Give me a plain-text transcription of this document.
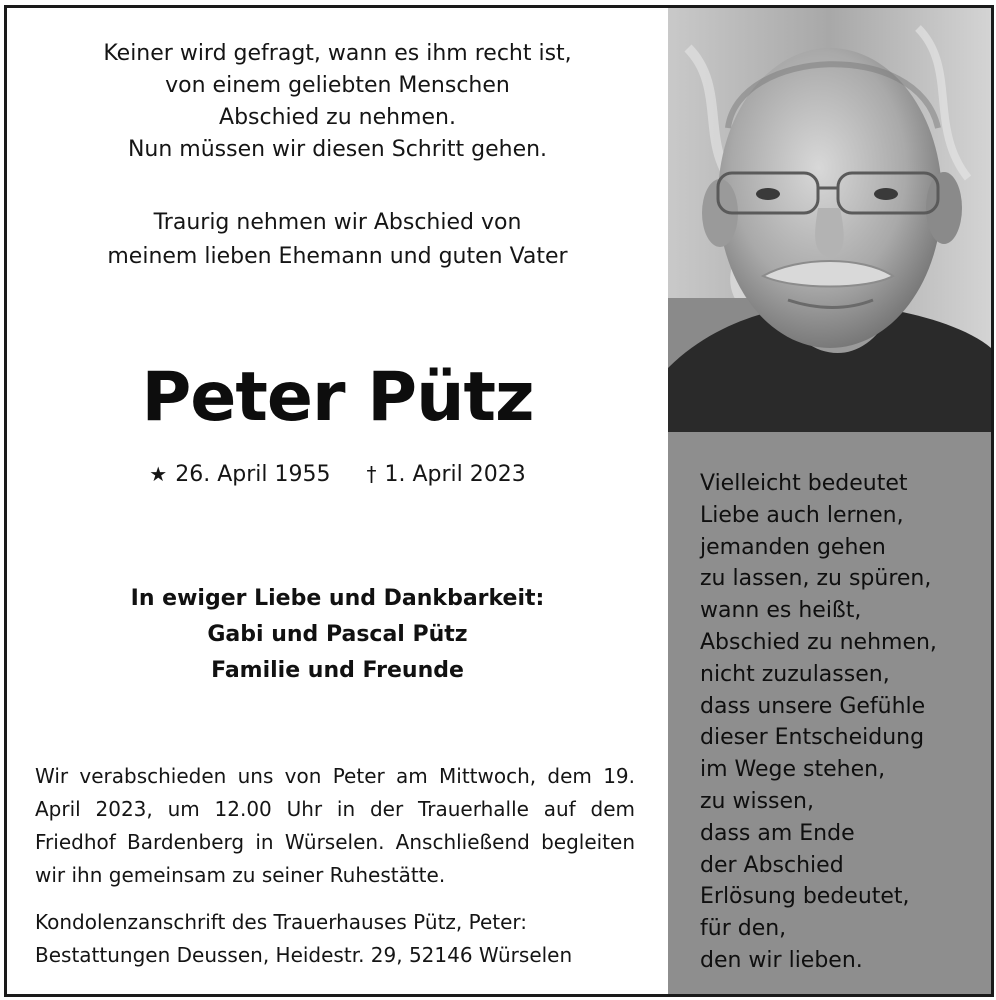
Keiner wird gefragt, wann es ihm recht ist,
von einem geliebten Menschen
Abschied zu nehmen.
Nun müssen wir diesen Schritt gehen.
Traurig nehmen wir Abschied von
meinem lieben Ehemann und guten Vater
Peter Pütz
★ 26. April 1955 † 1. April 2023
In ewiger Liebe und Dankbarkeit:
Gabi und Pascal Pütz
Familie und Freunde
Wir verabschieden uns von Peter am Mittwoch, dem 19. April 2023, um 12.00 Uhr in der Trauerhalle auf dem Friedhof Bardenberg in Würselen. Anschließend begleiten wir ihn gemeinsam zu seiner Ruhestätte.
Kondolenzanschrift des Trauerhauses Pütz, Peter:
Bestattungen Deussen, Heidestr. 29, 52146 Würselen
Vielleicht bedeutet
Liebe auch lernen,
jemanden gehen
zu lassen, zu spüren,
wann es heißt,
Abschied zu nehmen,
nicht zuzulassen,
dass unsere Gefühle
dieser Entscheidung
im Wege stehen,
zu wissen,
dass am Ende
der Abschied
Erlösung bedeutet,
für den,
den wir lieben.
